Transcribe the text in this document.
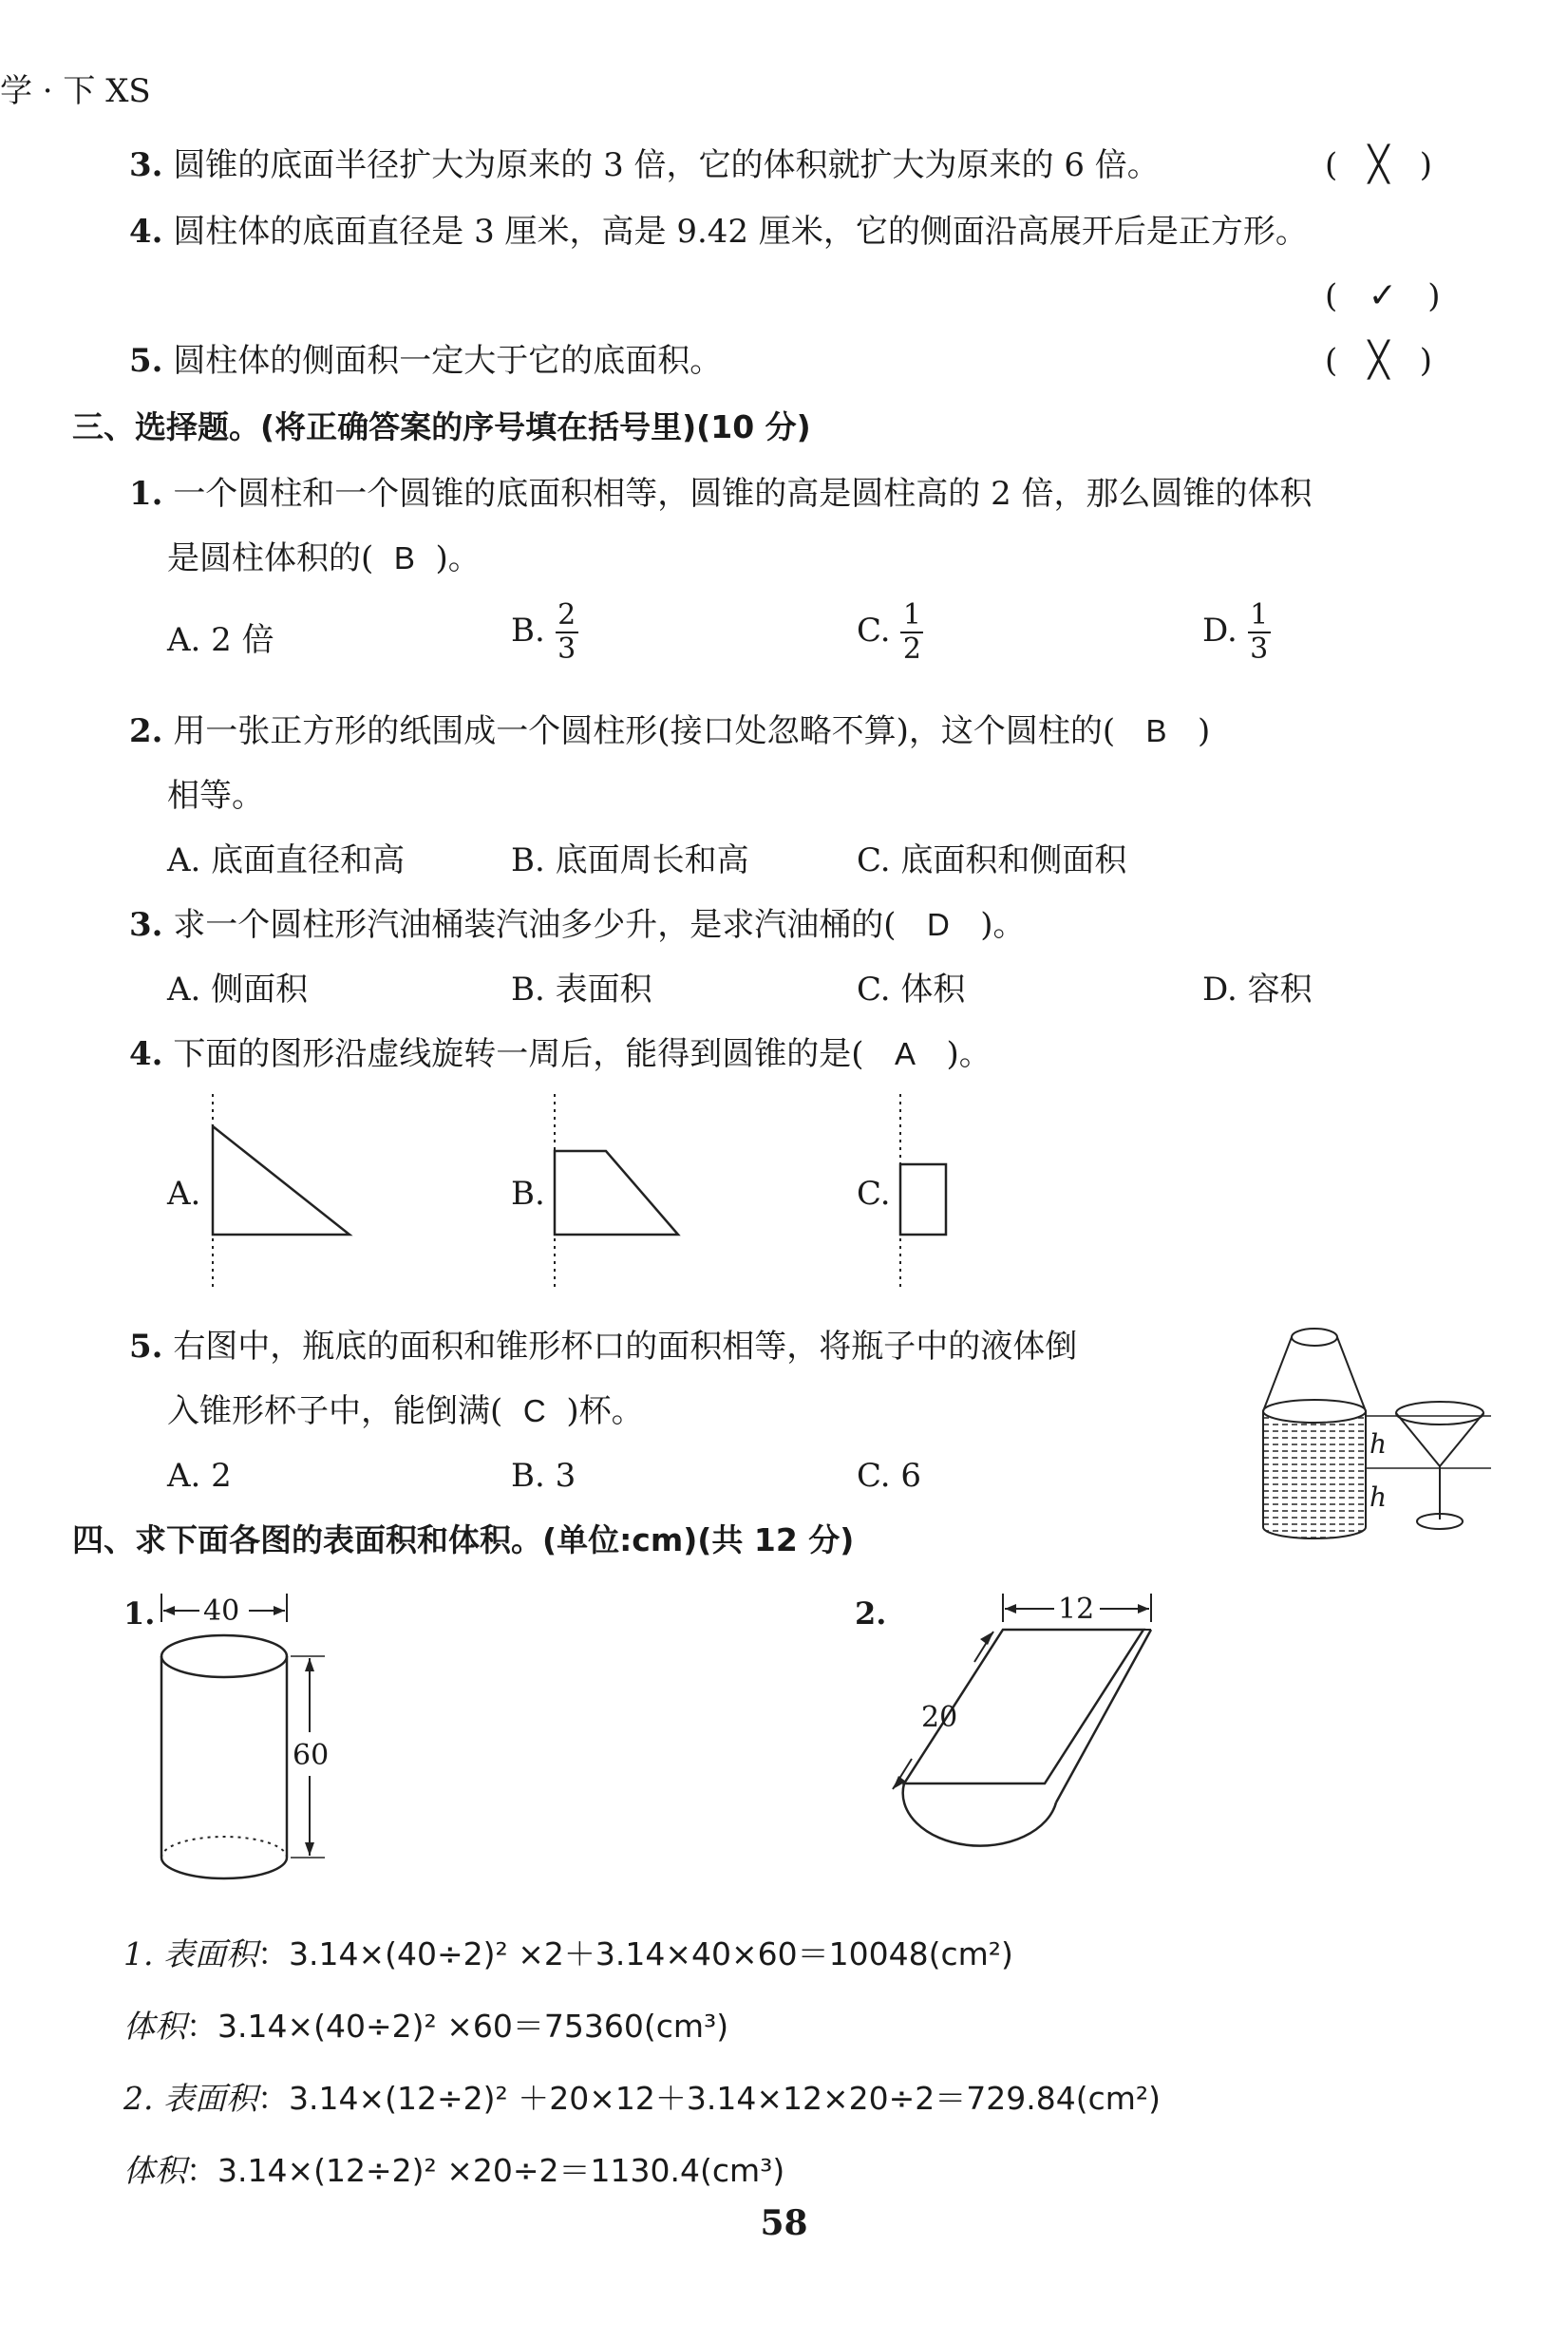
学 · 下 XS
3. 圆锥的底面半径扩大为原来的 3 倍，它的体积就扩大为原来的 6 倍。	(   ╳   )
4. 圆柱体的底面直径是 3 厘米，高是 9.42 厘米，它的侧面沿高展开后是正方形。
(   ✓   )
5. 圆柱体的侧面积一定大于它的底面积。	(   ╳   )
三、选择题。(将正确答案的序号填在括号里)(10 分)
1. 一个圆柱和一个圆锥的底面积相等，圆锥的高是圆柱高的 2 倍，那么圆锥的体积
是圆柱体积的( B )。
A. 2 倍	B. $\frac{2}{3}$	C. $\frac{1}{2}$	D. $\frac{1}{3}$
2. 用一张正方形的纸围成一个圆柱形(接口处忽略不算)，这个圆柱的( B )
相等。
A. 底面直径和高	B. 底面周长和高	C. 底面积和侧面积
3. 求一个圆柱形汽油桶装汽油多少升，是求汽油桶的( D )。
A. 侧面积	B. 表面积	C. 体积	D. 容积
4. 下面的图形沿虚线旋转一周后，能得到圆锥的是( A )。
A.	B.	C.
5. 右图中，瓶底的面积和锥形杯口的面积相等，将瓶子中的液体倒
入锥形杯子中，能倒满( C )杯。
A. 2	B. 3	C. 6
h
h
四、求下面各图的表面积和体积。(单位:cm)(共 12 分)
1. 40
60
2.	12
20
1. 表面积：3.14×(40÷2)² ×2＋3.14×40×60＝10048(cm²)
体积：3.14×(40÷2)² ×60＝75360(cm³)
2. 表面积：3.14×(12÷2)² ＋20×12＋3.14×12×20÷2＝729.84(cm²)
体积：3.14×(12÷2)² ×20÷2＝1130.4(cm³)
58
